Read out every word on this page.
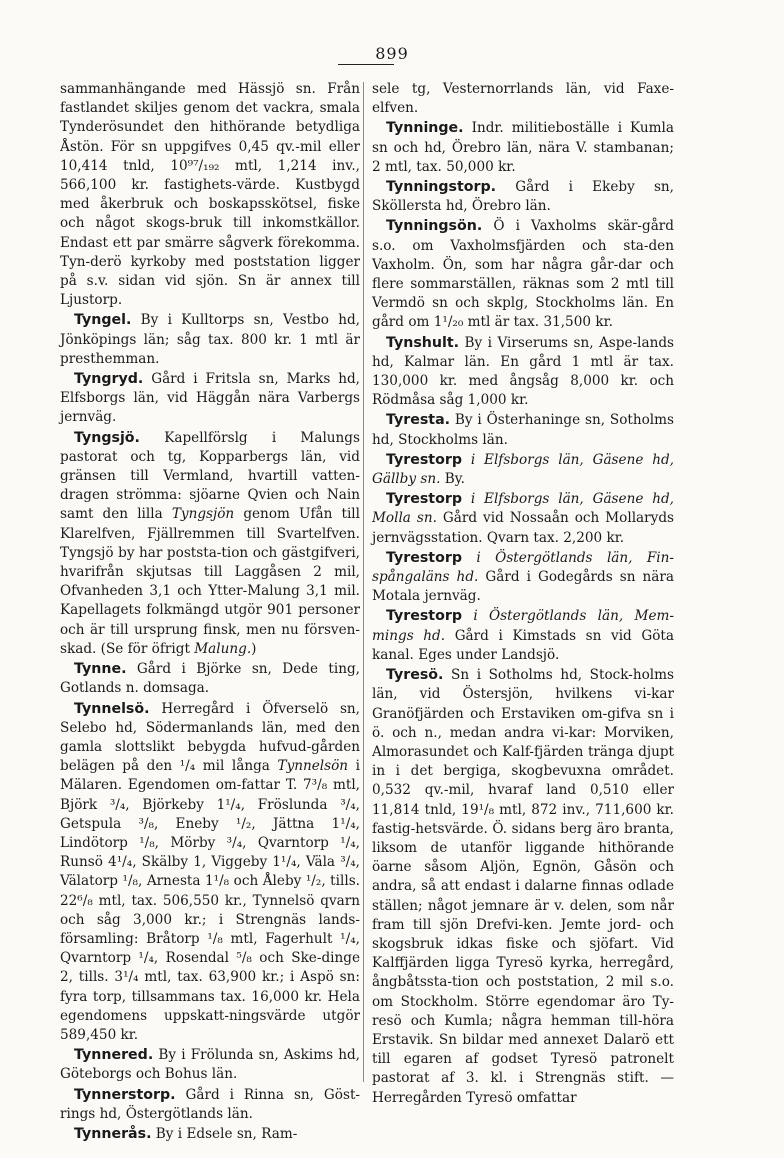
899

sammanhängande med Hässjö sn. Från fastlandet skiljes genom det vackra, smala Tynderösundet den hithörande betydliga Åstön. För sn uppgifves 0,45 qv.-mil eller 10,414 tnld, 10⁹⁷/₁₉₂ mtl, 1,214 inv., 566,100 kr. fastighets-värde. Kustbygd med åkerbruk och boskapsskötsel, fiske och något skogs-bruk till inkomstkällor. Endast ett par smärre sågverk förekomma. Tyn-derö kyrkoby med poststation ligger på s.v. sidan vid sjön. Sn är annex till Ljustorp.

Tyngel. By i Kulltorps sn, Vestbo hd, Jönköpings län; såg tax. 800 kr. 1 mtl är presthemman.

Tyngryd. Gård i Fritsla sn, Marks hd, Elfsborgs län, vid Häggån nära Varbergs jernväg.

Tyngsjö. Kapellförslg i Malungs pastorat och tg, Kopparbergs län, vid gränsen till Vermland, hvartill vatten-dragen strömma: sjöarne Qvien och Nain samt den lilla Tyngsjön genom Ufån till Klarelfven, Fjällremmen till Svartelfven. Tyngsjö by har poststa-tion och gästgifveri, hvarifrån skjutsas till Laggåsen 2 mil, Ofvanheden 3,1 och Ytter-Malung 3,1 mil. Kapellagets folkmängd utgör 901 personer och är till ursprung finsk, men nu försven-skad. (Se för öfrigt Malung.)

Tynne. Gård i Björke sn, Dede ting, Gotlands n. domsaga.

Tynnelsö. Herregård i Öfverselö sn, Selebo hd, Södermanlands län, med den gamla slottslikt bebygda hufvud-gården belägen på den ¹/₄ mil långa Tynnelsön i Mälaren. Egendomen om-fattar T. 7³/₈ mtl, Björk ³/₄, Björkeby 1¹/₄, Fröslunda ³/₄, Getspula ³/₈, Eneby ¹/₂, Jättna 1¹/₄, Lindötorp ¹/₈, Mörby ³/₄, Qvarntorp ¹/₄, Runsö 4¹/₄, Skälby 1, Viggeby 1¹/₄, Väla ³/₄, Välatorp ¹/₈, Arnesta 1¹/₈ och Åleby ¹/₂, tills. 22⁶/₈ mtl, tax. 506,550 kr., Tynnelsö qvarn och såg 3,000 kr.; i Strengnäs lands-församling: Bråtorp ¹/₈ mtl, Fagerhult ¹/₄, Qvarntorp ¹/₄, Rosendal ⁵/₈ och Ske-dinge 2, tills. 3¹/₄ mtl, tax. 63,900 kr.; i Aspö sn: fyra torp, tillsammans tax. 16,000 kr. Hela egendomens uppskatt-ningsvärde utgör 589,450 kr.

Tynnered. By i Frölunda sn, Askims hd, Göteborgs och Bohus län.

Tynnerstorp. Gård i Rinna sn, Göst-rings hd, Östergötlands län.

Tynnerås. By i Edsele sn, Ram-

sele tg, Vesternorrlands län, vid Faxe-elfven.

Tynninge. Indr. militieboställe i Kumla sn och hd, Örebro län, nära V. stambanan; 2 mtl, tax. 50,000 kr.

Tynningstorp. Gård i Ekeby sn, Sköllersta hd, Örebro län.

Tynningsön. Ö i Vaxholms skär-gård s.o. om Vaxholmsfjärden och sta-den Vaxholm. Ön, som har några går-dar och flere sommarställen, räknas som 2 mtl till Vermdö sn och skplg, Stockholms län. En gård om 1¹/₂₀ mtl är tax. 31,500 kr.

Tynshult. By i Virserums sn, Aspe-lands hd, Kalmar län. En gård 1 mtl är tax. 130,000 kr. med ångsåg 8,000 kr. och Rödmåsa såg 1,000 kr.

Tyresta. By i Österhaninge sn, Sotholms hd, Stockholms län.

Tyrestorp i Elfsborgs län, Gäsene hd, Gällby sn. By.

Tyrestorp i Elfsborgs län, Gäsene hd, Molla sn. Gård vid Nossaån och Mollaryds jernvägsstation. Qvarn tax. 2,200 kr.

Tyrestorp i Östergötlands län, Fin-spångaläns hd. Gård i Godegårds sn nära Motala jernväg.

Tyrestorp i Östergötlands län, Mem-mings hd. Gård i Kimstads sn vid Göta kanal. Eges under Landsjö.

Tyresö. Sn i Sotholms hd, Stock-holms län, vid Östersjön, hvilkens vi-kar Granöfjärden och Erstaviken om-gifva sn i ö. och n., medan andra vi-kar: Morviken, Almorasundet och Kalf-fjärden tränga djupt in i det bergiga, skogbevuxna området. 0,532 qv.-mil, hvaraf land 0,510 eller 11,814 tnld, 19¹/₈ mtl, 872 inv., 711,600 kr. fastig-hetsvärde. Ö. sidans berg äro branta, liksom de utanför liggande hithörande öarne såsom Aljön, Egnön, Gåsön och andra, så att endast i dalarne finnas odlade ställen; något jemnare är v. delen, som når fram till sjön Drefvi-ken. Jemte jord- och skogsbruk idkas fiske och sjöfart. Vid Kalffjärden ligga Tyresö kyrka, herregård, ångbåtssta-tion och poststation, 2 mil s.o. om Stockholm. Större egendomar äro Ty-resö och Kumla; några hemman till-höra Erstavik. Sn bildar med annexet Dalarö ett till egaren af godset Tyresö patronelt pastorat af 3. kl. i Strengnäs stift. — Herregården Tyresö omfattar
